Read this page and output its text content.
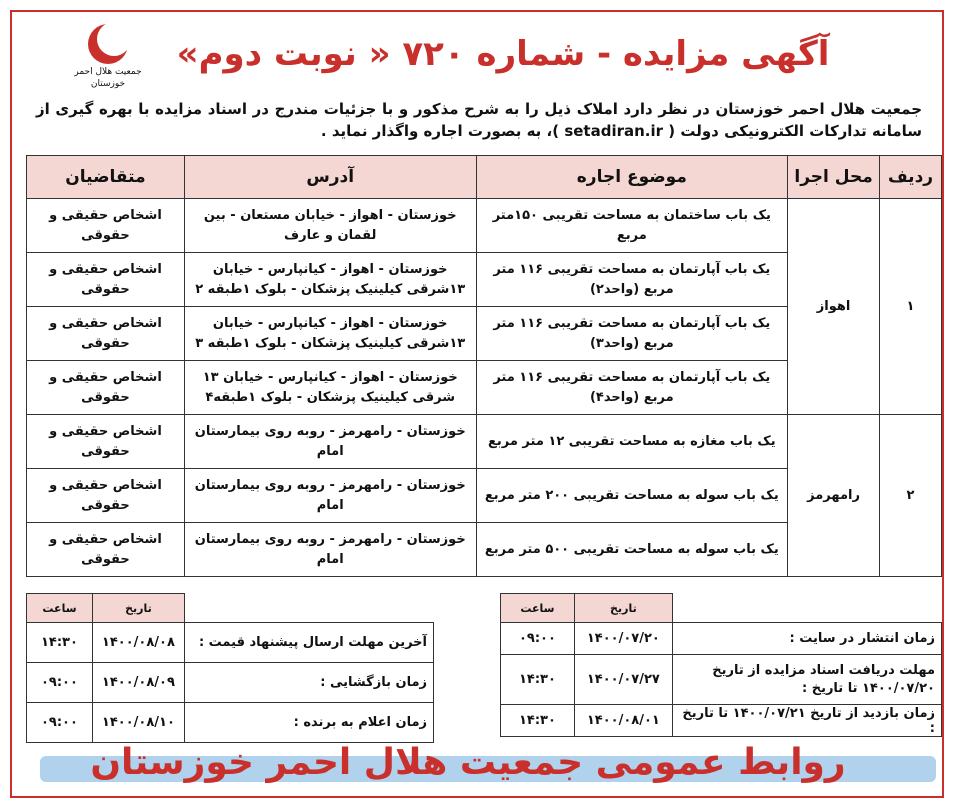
جمعیت هلال احمر
خوزستان
آگهی مزایده - شماره ۷۲۰ « نوبت دوم»
جمعیت هلال احمر خوزستان در نظر دارد املاک ذیل را به شرح مذکور و با جزئیات مندرج در اسناد مزایده با بهره گیری از سامانه تدارکات الکترونیکی دولت ( setadiran.ir )، به بصورت اجاره واگذار نماید .
ردیف	محل اجرا	موضوع اجاره	آدرس	متقاضیان
۱	اهواز	یک باب ساختمان به مساحت تقریبی ۱۵۰متر مربع	خوزستان - اهواز - خیابان مستعان - بین لقمان و عارف	اشخاص حقیقی و حقوقی
		یک باب آپارتمان به مساحت تقریبی ۱۱۶ متر مربع (واحد۲)	خوزستان - اهواز - کیانپارس - خیابان ۱۳شرقی کیلینیک پزشکان - بلوک ۱طبقه ۲	اشخاص حقیقی و حقوقی
		یک باب آپارتمان به مساحت تقریبی ۱۱۶ متر مربع (واحد۳)	خوزستان - اهواز - کیانپارس - خیابان ۱۳شرقی کیلینیک پزشکان - بلوک ۱طبقه ۳	اشخاص حقیقی و حقوقی
		یک باب آپارتمان به مساحت تقریبی ۱۱۶ متر مربع (واحد۴)	خوزستان - اهواز - کیانپارس - خیابان ۱۳ شرقی کیلینیک پزشکان - بلوک ۱طبقه۴	اشخاص حقیقی و حقوقی
۲	رامهرمز	یک باب مغازه به مساحت تقریبی ۱۲ متر مربع	خوزستان - رامهرمز - روبه روی بیمارستان امام	اشخاص حقیقی و حقوقی
		یک باب سوله به مساحت تقریبی ۲۰۰ متر مربع	خوزستان - رامهرمز - روبه روی بیمارستان امام	اشخاص حقیقی و حقوقی
		یک باب سوله به مساحت تقریبی ۵۰۰ متر مربع	خوزستان - رامهرمز - روبه روی بیمارستان امام	اشخاص حقیقی و حقوقی
	تاریخ	ساعت
زمان انتشار در سایت :	۱۴۰۰/۰۷/۲۰	۰۹:۰۰
مهلت دریافت اسناد مزایده از تاریخ ۱۴۰۰/۰۷/۲۰ تا تاریخ :	۱۴۰۰/۰۷/۲۷	۱۴:۳۰
زمان بازدید از تاریخ ۱۴۰۰/۰۷/۲۱ تا تاریخ :	۱۴۰۰/۰۸/۰۱	۱۴:۳۰
	تاریخ	ساعت
آخرین مهلت ارسال پیشنهاد قیمت :	۱۴۰۰/۰۸/۰۸	۱۴:۳۰
زمان بازگشایی :	۱۴۰۰/۰۸/۰۹	۰۹:۰۰
زمان اعلام به برنده :	۱۴۰۰/۰۸/۱۰	۰۹:۰۰
روابط عمومی جمعیت هلال احمر خوزستان
